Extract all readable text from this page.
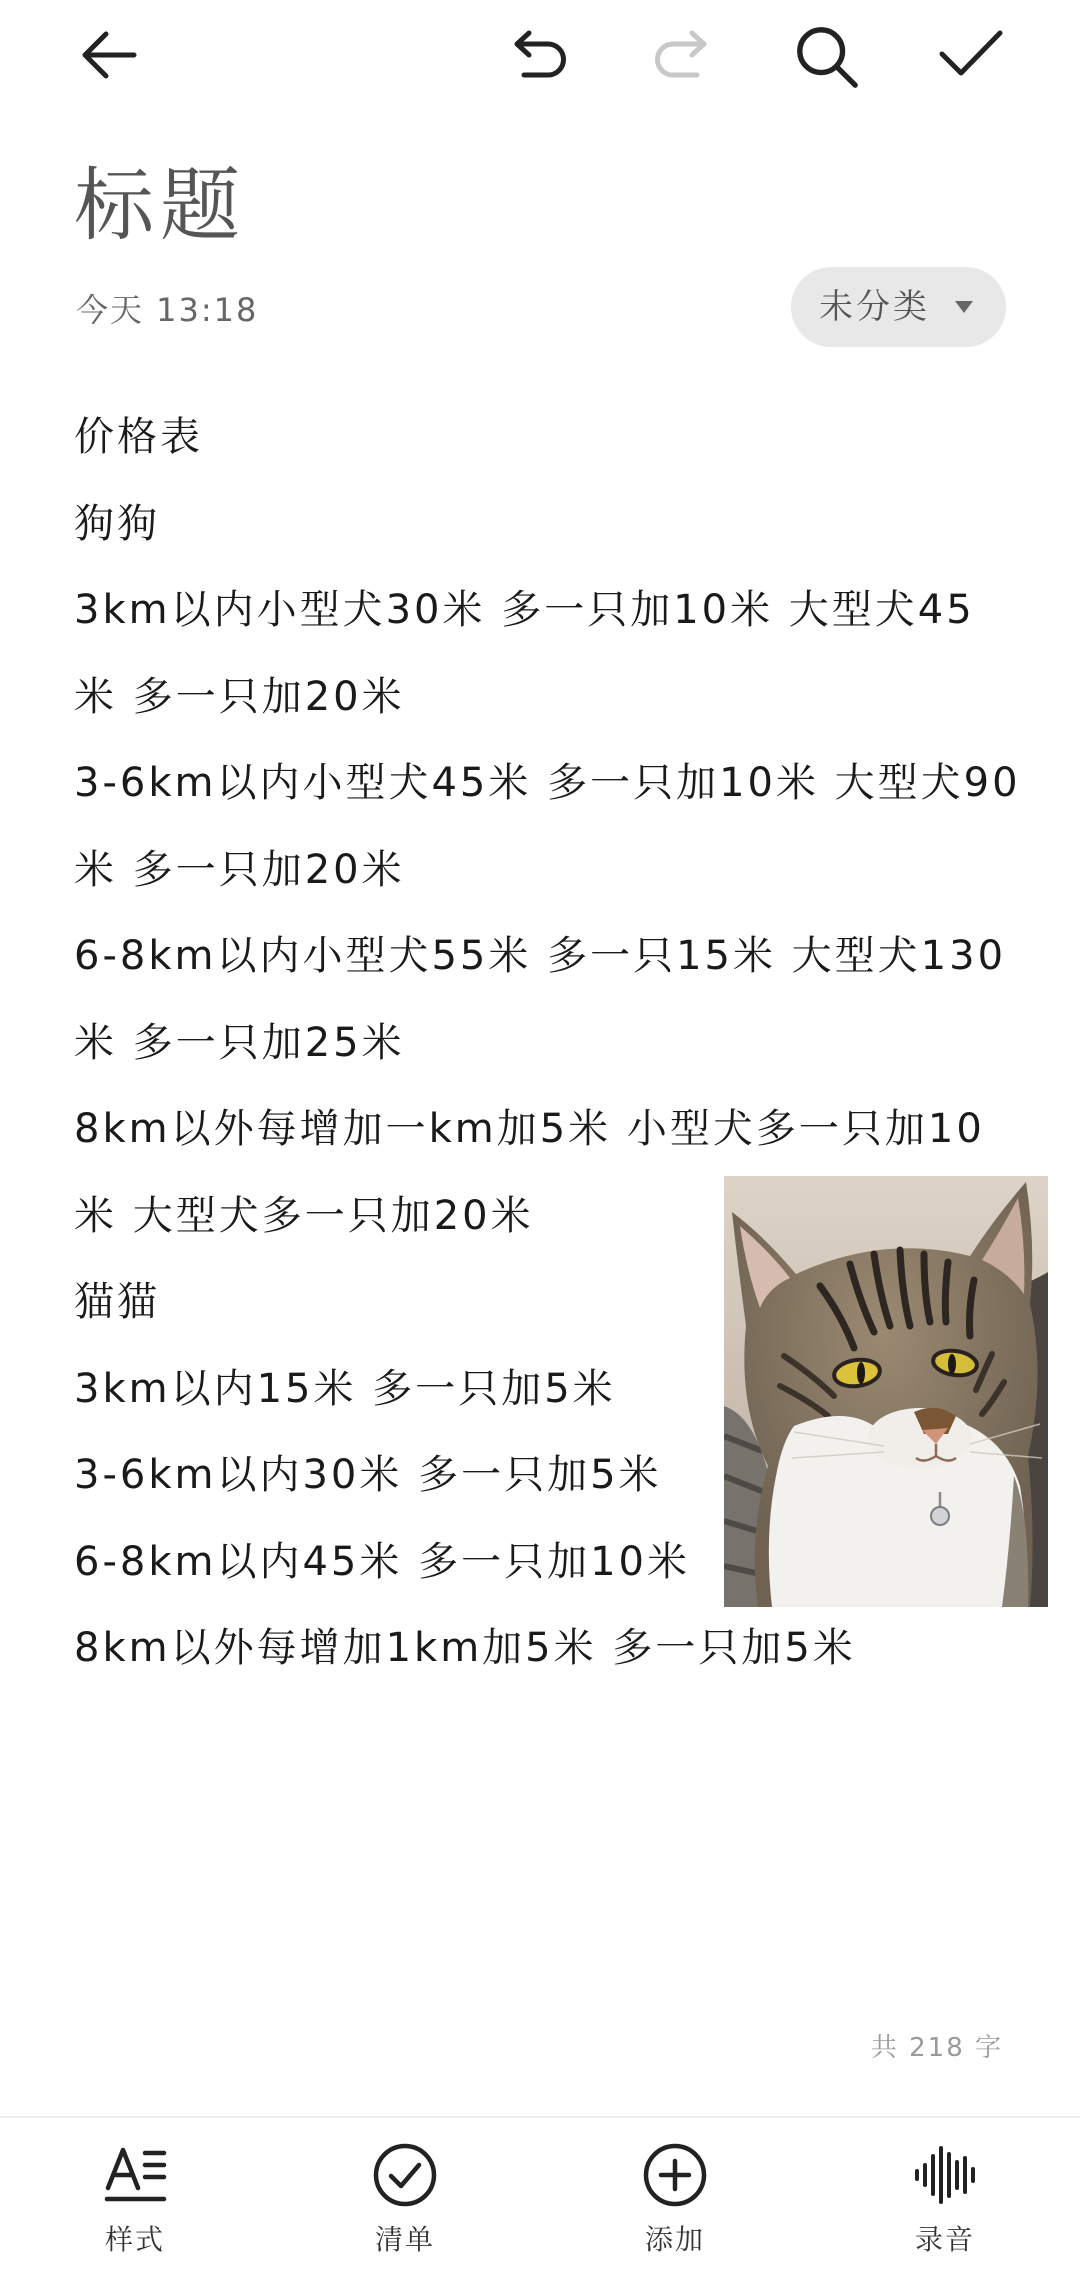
标题
今天 13:18	未分类
价格表
狗狗
3km以内小型犬30米 多一只加10米 大型犬45
米 多一只加20米
3-6km以内小型犬45米 多一只加10米 大型犬90
米 多一只加20米
6-8km以内小型犬55米 多一只15米 大型犬130
米 多一只加25米
8km以外每增加一km加5米 小型犬多一只加10
米 大型犬多一只加20米
猫猫
3km以内15米 多一只加5米
3-6km以内30米 多一只加5米
6-8km以内45米 多一只加10米
8km以外每增加1km加5米 多一只加5米
共 218 字
样式	清单	添加	录音
